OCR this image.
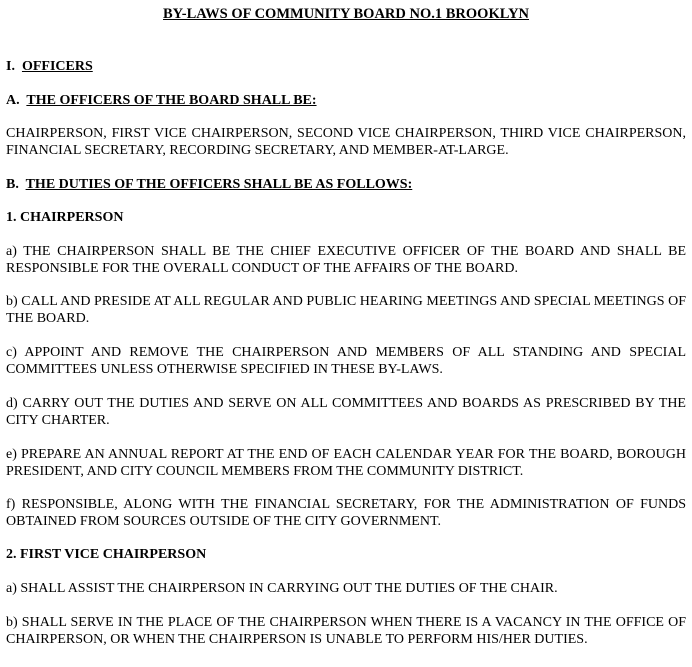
BY-LAWS OF COMMUNITY BOARD NO.1 BROOKLYN
I. OFFICERS
A. THE OFFICERS OF THE BOARD SHALL BE:
CHAIRPERSON, FIRST VICE CHAIRPERSON, SECOND VICE CHAIRPERSON, THIRD VICE CHAIRPERSON, FINANCIAL SECRETARY, RECORDING SECRETARY, AND MEMBER-AT-LARGE.
B. THE DUTIES OF THE OFFICERS SHALL BE AS FOLLOWS:
1. CHAIRPERSON
a) THE CHAIRPERSON SHALL BE THE CHIEF EXECUTIVE OFFICER OF THE BOARD AND SHALL BE RESPONSIBLE FOR THE OVERALL CONDUCT OF THE AFFAIRS OF THE BOARD.
b) CALL AND PRESIDE AT ALL REGULAR AND PUBLIC HEARING MEETINGS AND SPECIAL MEETINGS OF THE BOARD.
c) APPOINT AND REMOVE THE CHAIRPERSON AND MEMBERS OF ALL STANDING AND SPECIAL COMMITTEES UNLESS OTHERWISE SPECIFIED IN THESE BY-LAWS.
d) CARRY OUT THE DUTIES AND SERVE ON ALL COMMITTEES AND BOARDS AS PRESCRIBED BY THE CITY CHARTER.
e) PREPARE AN ANNUAL REPORT AT THE END OF EACH CALENDAR YEAR FOR THE BOARD, BOROUGH PRESIDENT, AND CITY COUNCIL MEMBERS FROM THE COMMUNITY DISTRICT.
f) RESPONSIBLE, ALONG WITH THE FINANCIAL SECRETARY, FOR THE ADMINISTRATION OF FUNDS OBTAINED FROM SOURCES OUTSIDE OF THE CITY GOVERNMENT.
2. FIRST VICE CHAIRPERSON
a) SHALL ASSIST THE CHAIRPERSON IN CARRYING OUT THE DUTIES OF THE CHAIR.
b) SHALL SERVE IN THE PLACE OF THE CHAIRPERSON WHEN THERE IS A VACANCY IN THE OFFICE OF CHAIRPERSON, OR WHEN THE CHAIRPERSON IS UNABLE TO PERFORM HIS/HER DUTIES.
